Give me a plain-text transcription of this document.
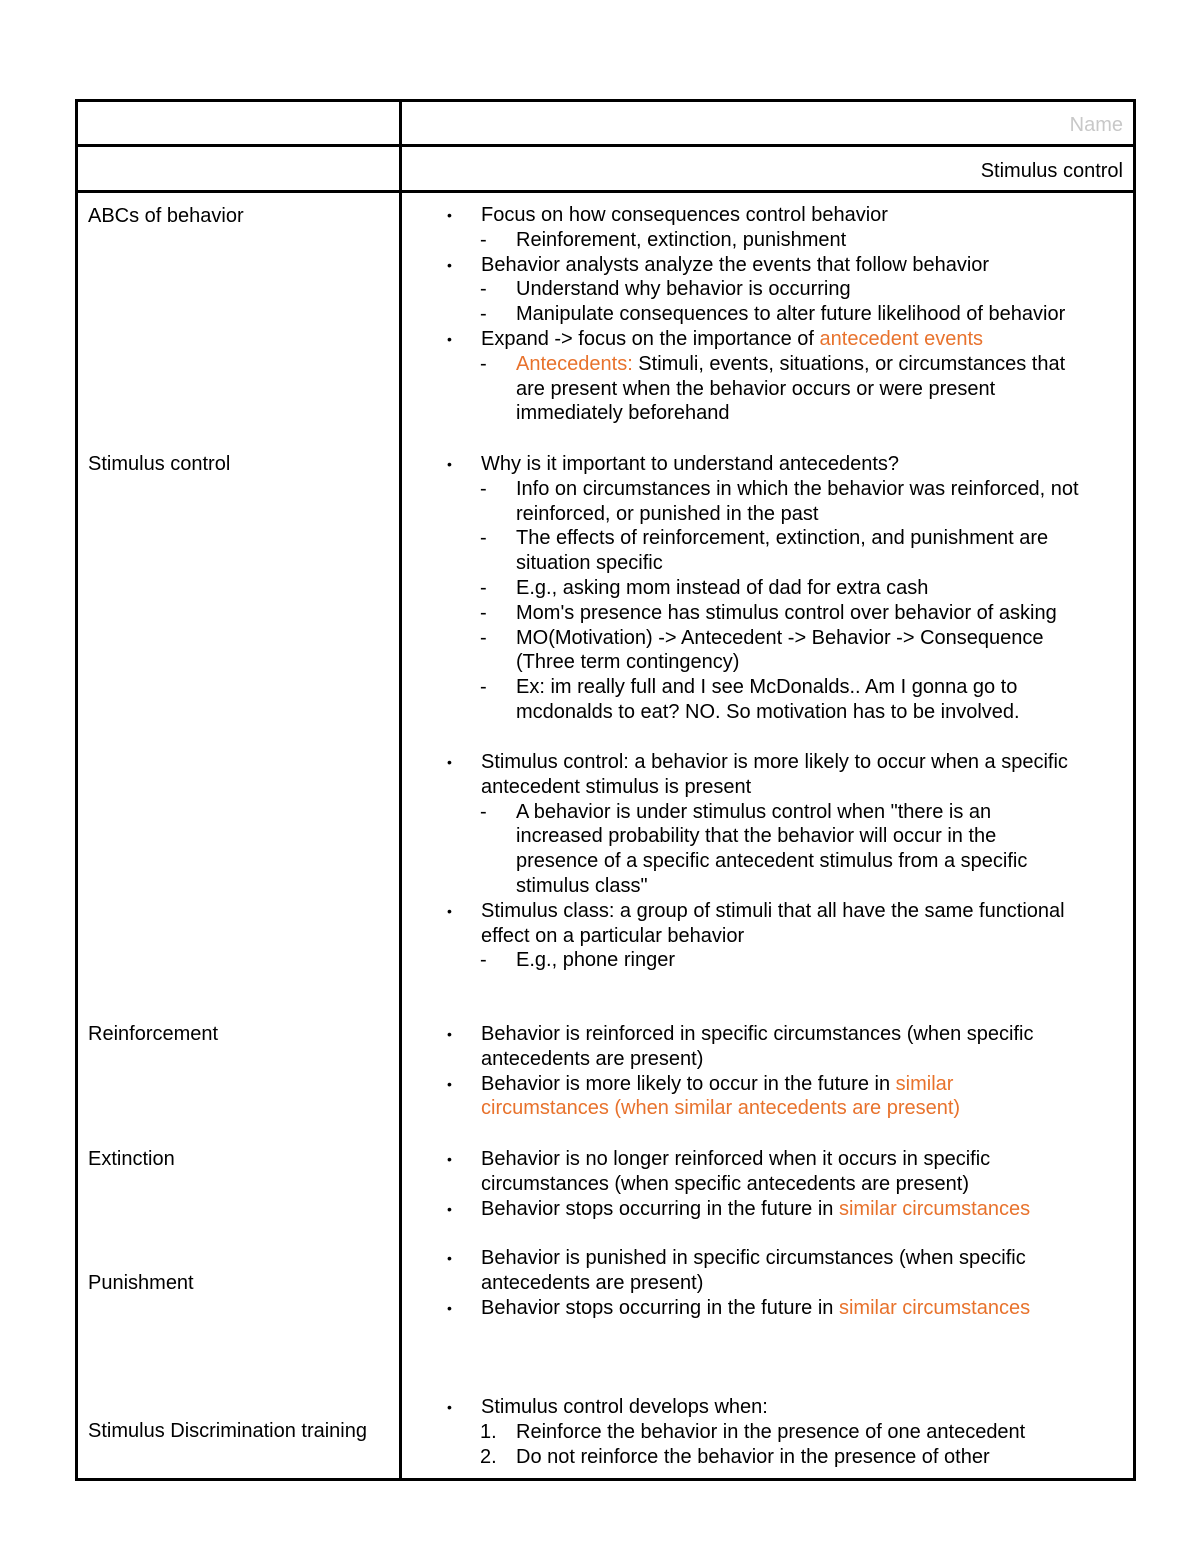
Name
Stimulus control
ABCs of behavior
Stimulus control
Reinforcement
Extinction
Punishment
Stimulus Discrimination training
• Focus on how consequences control behavior
- Reinforement, extinction, punishment
• Behavior analysts analyze the events that follow behavior
- Understand why behavior is occurring
- Manipulate consequences to alter future likelihood of behavior
• Expand -> focus on the importance of antecedent events
- Antecedents: Stimuli, events, situations, or circumstances that
are present when the behavior occurs or were present
immediately beforehand
• Why is it important to understand antecedents?
- Info on circumstances in which the behavior was reinforced, not
reinforced, or punished in the past
- The effects of reinforcement, extinction, and punishment are
situation specific
- E.g., asking mom instead of dad for extra cash
- Mom's presence has stimulus control over behavior of asking
- MO(Motivation) -> Antecedent -> Behavior -> Consequence
(Three term contingency)
- Ex: im really full and I see McDonalds.. Am I gonna go to
mcdonalds to eat? NO. So motivation has to be involved.
• Stimulus control: a behavior is more likely to occur when a specific
antecedent stimulus is present
- A behavior is under stimulus control when "there is an
increased probability that the behavior will occur in the
presence of a specific antecedent stimulus from a specific
stimulus class"
• Stimulus class: a group of stimuli that all have the same functional
effect on a particular behavior
- E.g., phone ringer
• Behavior is reinforced in specific circumstances (when specific
antecedents are present)
• Behavior is more likely to occur in the future in similar
circumstances (when similar antecedents are present)
• Behavior is no longer reinforced when it occurs in specific
circumstances (when specific antecedents are present)
• Behavior stops occurring in the future in similar circumstances
• Behavior is punished in specific circumstances (when specific
antecedents are present)
• Behavior stops occurring in the future in similar circumstances
• Stimulus control develops when:
1. Reinforce the behavior in the presence of one antecedent
2. Do not reinforce the behavior in the presence of other
